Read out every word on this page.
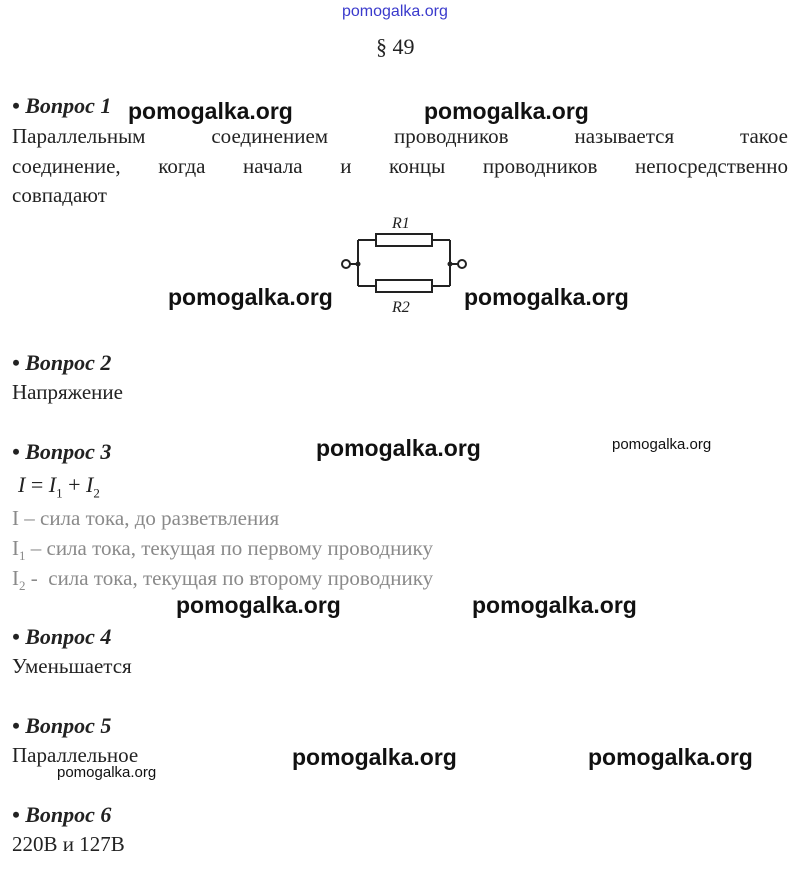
pomogalka.org
§ 49
• Вопрос 1
Параллельным соединением проводников называется такое
соединение, когда начала и концы проводников непосредственно
совпадают
R1
R2
• Вопрос 2
Напряжение
• Вопрос 3
$I = I_1 + I_2$
I – сила тока, до разветвления
$I_1$ – сила тока, текущая по первому проводнику
$I_2$ -  сила тока, текущая по второму проводнику
• Вопрос 4
Уменьшается
• Вопрос 5
Параллельное
• Вопрос 6
220В и 127В
pomogalka.org	pomogalka.org
pomogalka.org	pomogalka.org
pomogalka.org	pomogalka.org
pomogalka.org	pomogalka.org
pomogalka.org	pomogalka.org
pomogalka.org
